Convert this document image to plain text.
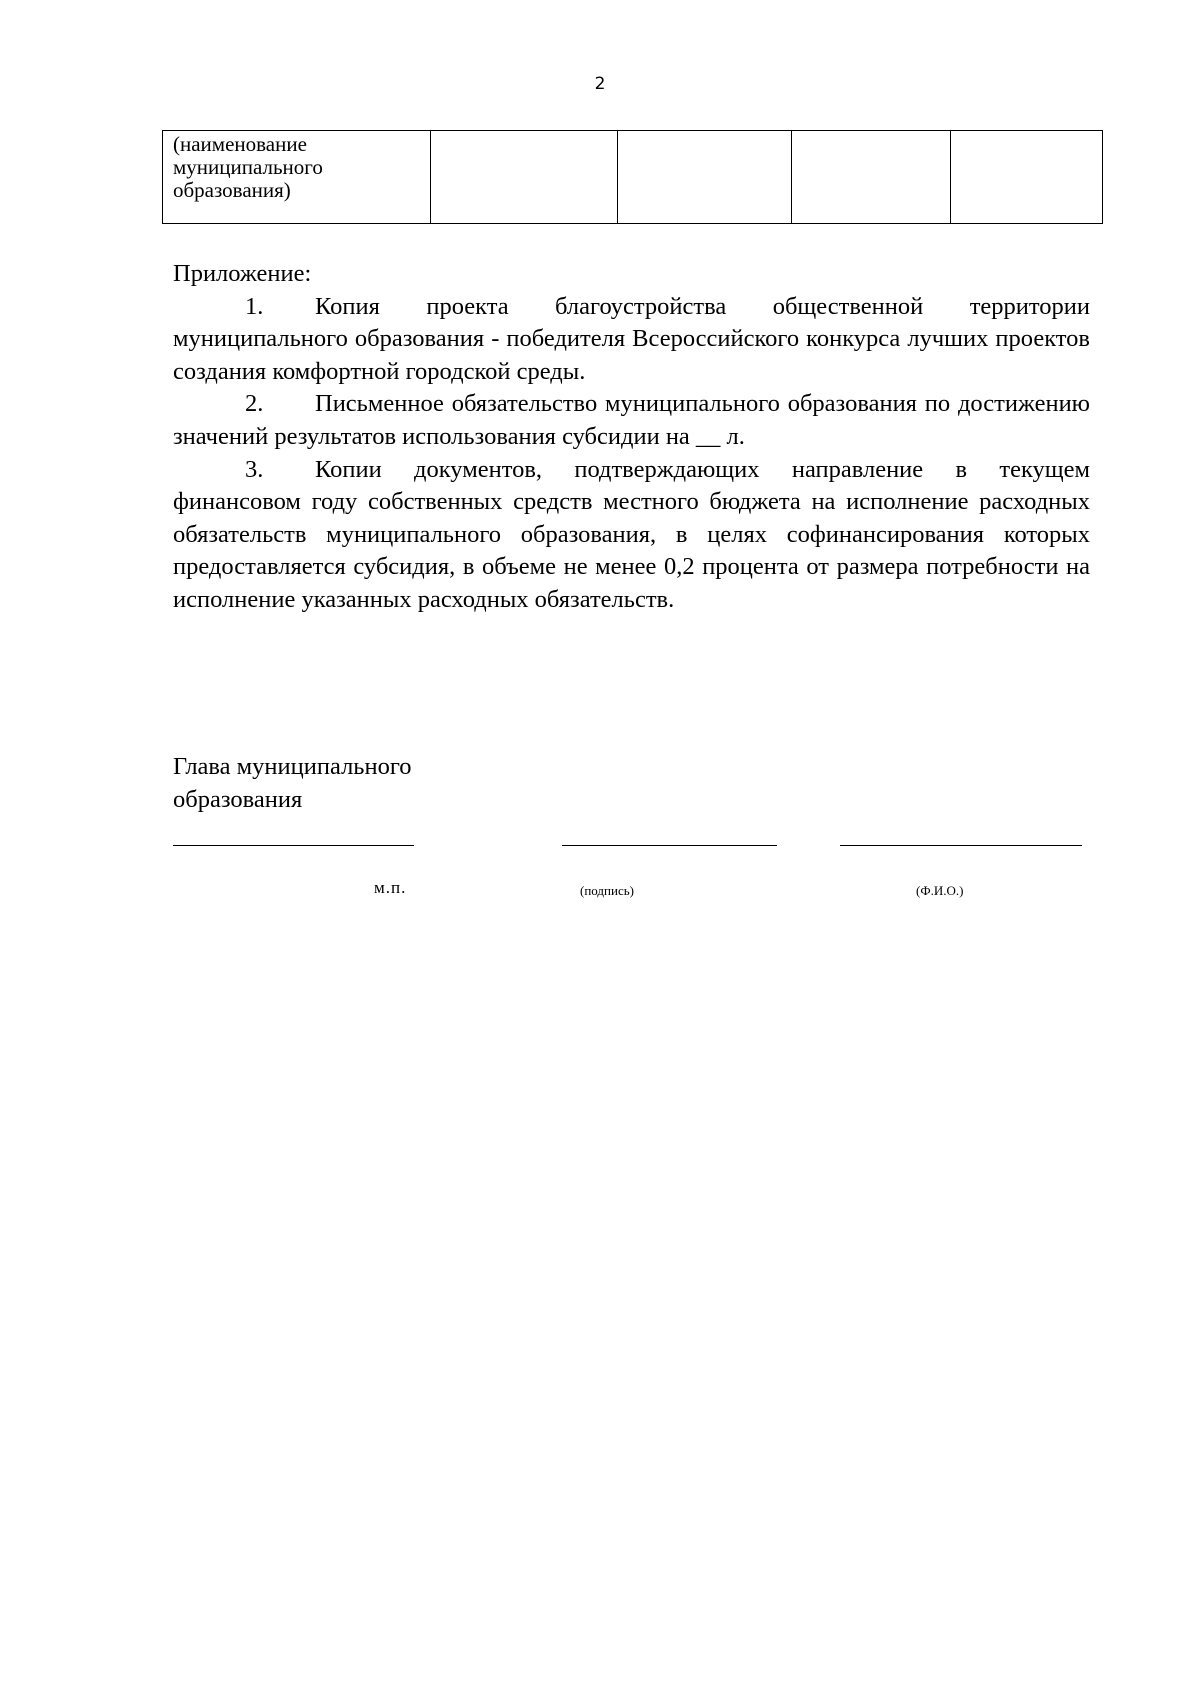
2
(наименование муниципального образования)

Приложение:

1. Копия проекта благоустройства общественной территории муниципального образования - победителя Всероссийского конкурса лучших проектов создания комфортной городской среды.

2. Письменное обязательство муниципального образования по достижению значений результатов использования субсидии на __ л.

3. Копии документов, подтверждающих направление в текущем финансовом году собственных средств местного бюджета на исполнение расходных обязательств муниципального образования, в целях софинансирования которых предоставляется субсидия, в объеме не менее 0,2 процента от размера потребности на исполнение указанных расходных обязательств.

Глава муниципального
образования
м.п.	(подпись)	(Ф.И.О.)
